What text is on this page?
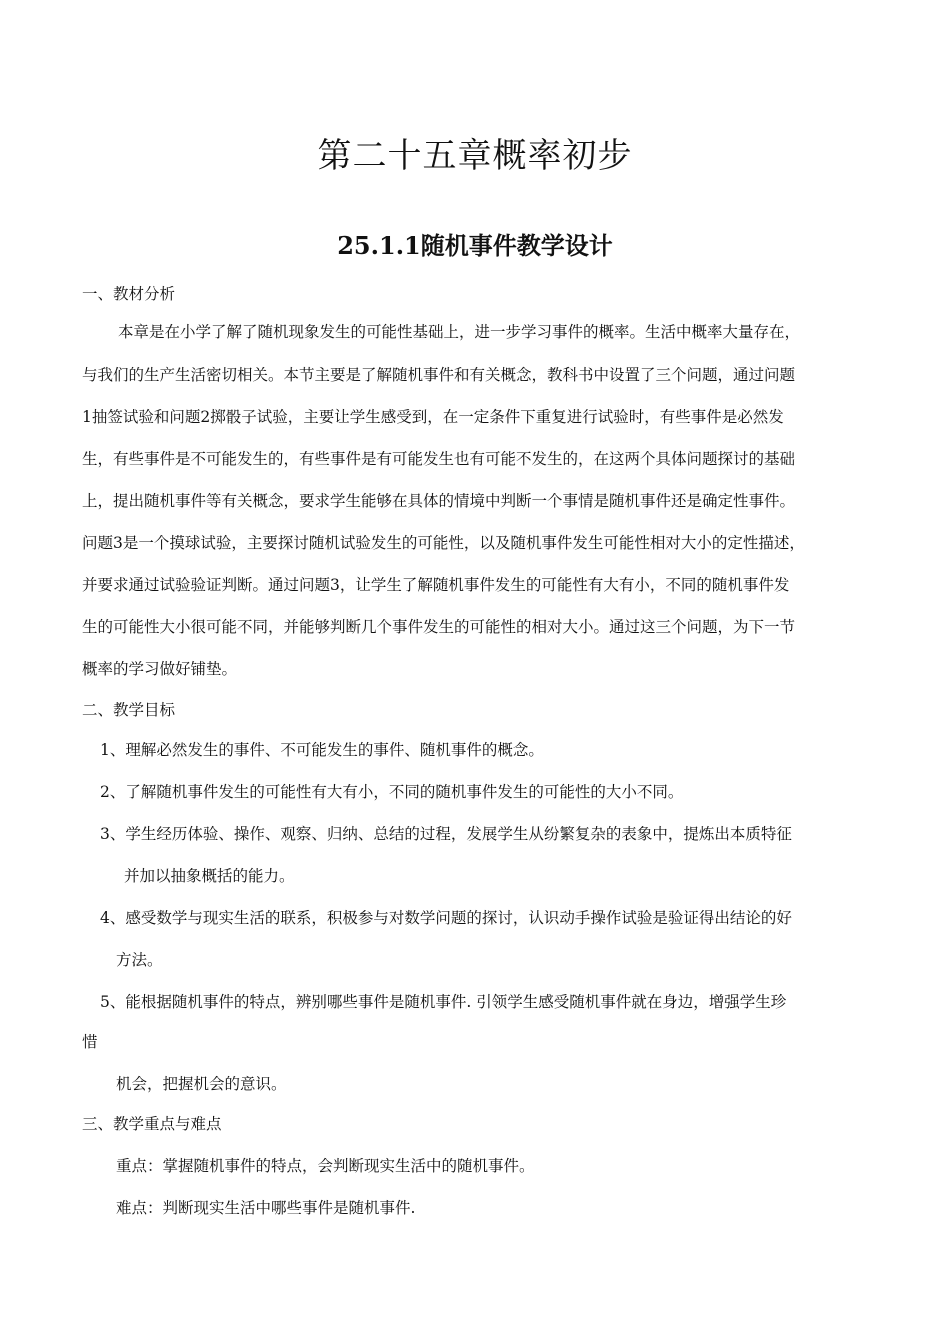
第二十五章概率初步
25.1.1随机事件教学设计
一、教材分析
本章是在小学了解了随机现象发生的可能性基础上，进一步学习事件的概率。生活中概率大量存在，
与我们的生产生活密切相关。本节主要是了解随机事件和有关概念，教科书中设置了三个问题，通过问题
1抽签试验和问题2掷骰子试验，主要让学生感受到，在一定条件下重复进行试验时，有些事件是必然发
生，有些事件是不可能发生的，有些事件是有可能发生也有可能不发生的，在这两个具体问题探讨的基础
上，提出随机事件等有关概念，要求学生能够在具体的情境中判断一个事情是随机事件还是确定性事件。
问题3是一个摸球试验，主要探讨随机试验发生的可能性，以及随机事件发生可能性相对大小的定性描述，
并要求通过试验验证判断。通过问题3，让学生了解随机事件发生的可能性有大有小，不同的随机事件发
生的可能性大小很可能不同，并能够判断几个事件发生的可能性的相对大小。通过这三个问题，为下一节
概率的学习做好铺垫。
二、教学目标
1、理解必然发生的事件、不可能发生的事件、随机事件的概念。
2、了解随机事件发生的可能性有大有小，不同的随机事件发生的可能性的大小不同。
3、学生经历体验、操作、观察、归纳、总结的过程，发展学生从纷繁复杂的表象中，提炼出本质特征
并加以抽象概括的能力。
4、感受数学与现实生活的联系，积极参与对数学问题的探讨，认识动手操作试验是验证得出结论的好
方法。
5、能根据随机事件的特点，辨别哪些事件是随机事件. 引领学生感受随机事件就在身边，增强学生珍
惜
机会，把握机会的意识。
三、教学重点与难点
重点：掌握随机事件的特点，会判断现实生活中的随机事件。
难点：判断现实生活中哪些事件是随机事件.
